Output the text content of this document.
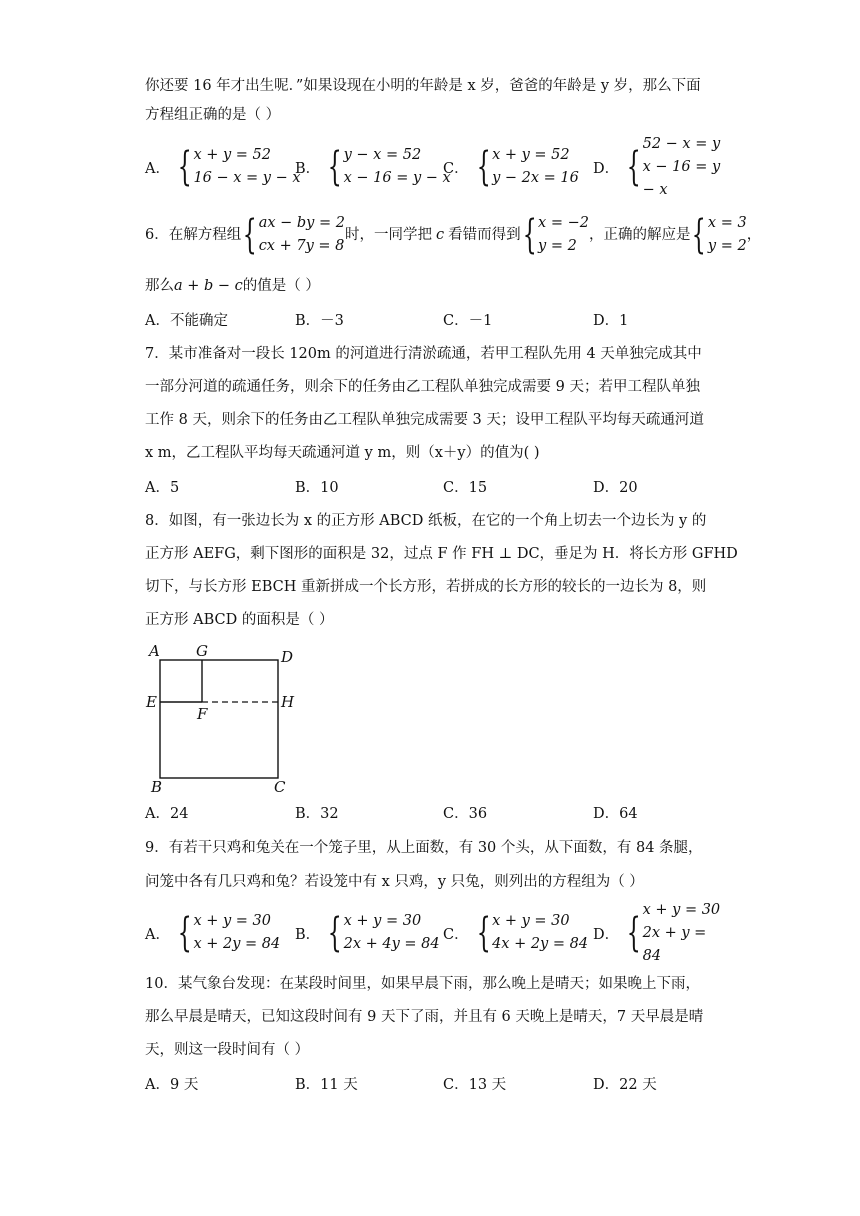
你还要 16 年才出生呢．”如果设现在小明的年龄是 x 岁，爸爸的年龄是 y 岁，那么下面
方程组正确的是（ ）
A． { x + y = 52
16 − x = y − x
B． { y − x = 52
x − 16 = y − x
C． { x + y = 52
y − 2x = 16
D． {
52 − x = y
x − 16 = y − x
6．在解方程组 { ax − by = 2
cx + 7y = 8
时，一同学把 c 看错而得到 { x = −2
y = 2
，正确的解应是 { x = 3
y = 2
，
那么a + b − c的值是（ ）
A．不能确定	B．－3	C．－1	D．1
7．某市准备对一段长 120m 的河道进行清淤疏通，若甲工程队先用 4 天单独完成其中
一部分河道的疏通任务，则余下的任务由乙工程队单独完成需要 9 天；若甲工程队单独
工作 8 天，则余下的任务由乙工程队单独完成需要 3 天；设甲工程队平均每天疏通河道
x m，乙工程队平均每天疏通河道 y m，则（x＋y）的值为( )
A．5	B．10	C．15	D．20
8．如图，有一张边长为 x 的正方形 ABCD 纸板，在它的一个角上切去一个边长为 y 的
正方形 AEFG，剩下图形的面积是 32，过点 F 作 FH ⊥ DC，垂足为 H．将长方形 GFHD
切下，与长方形 EBCH 重新拼成一个长方形，若拼成的长方形的较长的一边长为 8，则
正方形 ABCD 的面积是（ ）
A G	D
E
F
H
B	C
A．24	B．32	C．36	D．64
9．有若干只鸡和兔关在一个笼子里，从上面数，有 30 个头，从下面数，有 84 条腿，
问笼中各有几只鸡和兔？若设笼中有 x 只鸡，y 只兔，则列出的方程组为（ ）
A． { x + y = 30
x + 2y = 84
B． { x + y = 30
2x + 4y = 84
C． { x + y = 30
4x + 2y = 84
D． {
x + y = 30
2x + y = 84
10．某气象台发现：在某段时间里，如果早晨下雨，那么晚上是晴天；如果晚上下雨，
那么早晨是晴天，已知这段时间有 9 天下了雨，并且有 6 天晚上是晴天，7 天早晨是晴
天，则这一段时间有（ ）
A．9 天	B．11 天	C．13 天	D．22 天
